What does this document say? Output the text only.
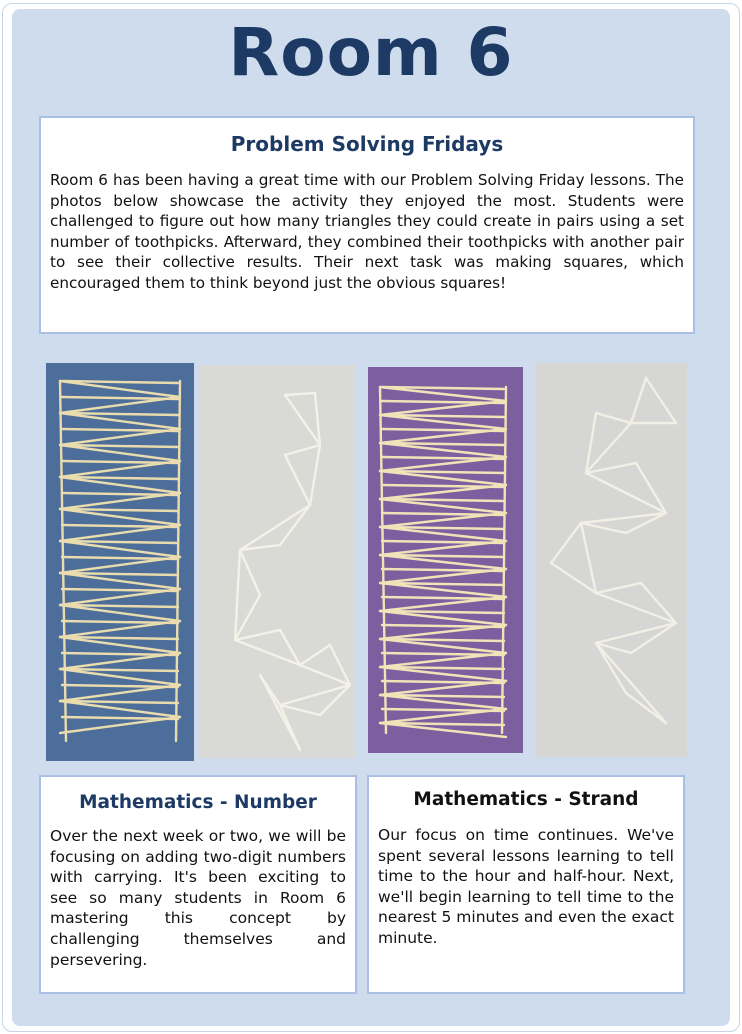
Room 6
Problem Solving Fridays

Room 6 has been having a great time with our Problem Solving Friday lessons. The photos below showcase the activity they enjoyed the most. Students were challenged to figure out how many triangles they could create in pairs using a set number of toothpicks. Afterward, they combined their toothpicks with another pair to see their collective results. Their next task was making squares, which encouraged them to think beyond just the obvious squares!

Mathematics - Number

Over the next week or two, we will be focusing on adding two-digit numbers with carrying. It's been exciting to see so many students in Room 6 mastering this concept by challenging themselves and persevering.

Mathematics - Strand

Our focus on time continues. We've spent several lessons learning to tell time to the hour and half-hour. Next, we'll begin learning to tell time to the nearest 5 minutes and even the exact minute.
